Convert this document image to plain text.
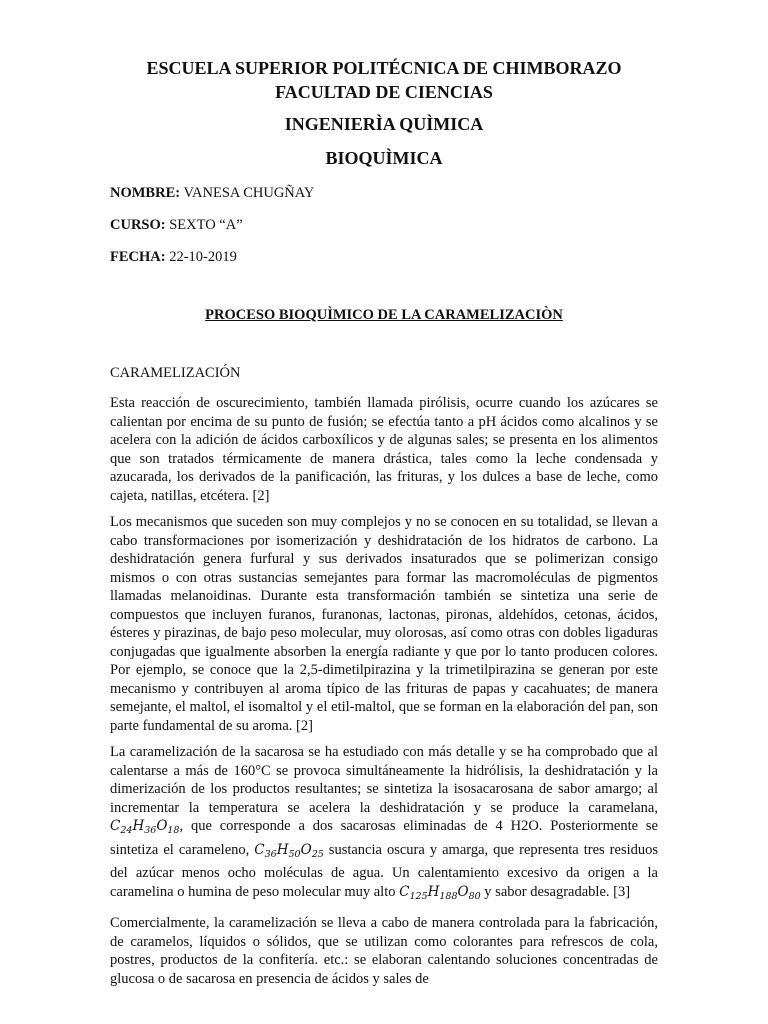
ESCUELA SUPERIOR POLITÉCNICA DE CHIMBORAZO
FACULTAD DE CIENCIAS
INGENIERÌA QUÌMICA
BIOQUÌMICA
NOMBRE: VANESA CHUGÑAY
CURSO: SEXTO “A”
FECHA: 22-10-2019
PROCESO BIOQUÌMICO DE LA CARAMELIZACIÒN
CARAMELIZACIÓN

Esta reacción de oscurecimiento, también llamada pirólisis, ocurre cuando los azúcares se calientan por encima de su punto de fusión; se efectúa tanto a pH ácidos como alcalinos y se acelera con la adición de ácidos carboxílicos y de algunas sales; se presenta en los alimentos que son tratados térmicamente de manera drástica, tales como la leche condensada y azucarada, los derivados de la panificación, las frituras, y los dulces a base de leche, como cajeta, natillas, etcétera. [2]

Los mecanismos que suceden son muy complejos y no se conocen en su totalidad, se llevan a cabo transformaciones por isomerización y deshidratación de los hidratos de carbono. La deshidratación genera furfural y sus derivados insaturados que se polimerizan consigo mismos o con otras sustancias semejantes para formar las macromoléculas de pigmentos llamadas melanoidinas. Durante esta transformación también se sintetiza una serie de compuestos que incluyen furanos, furanonas, lactonas, pironas, aldehídos, cetonas, ácidos, ésteres y pirazinas, de bajo peso molecular, muy olorosas, así como otras con dobles ligaduras conjugadas que igualmente absorben la energía radiante y que por lo tanto producen colores. Por ejemplo, se conoce que la 2,5-dimetilpirazina y la trimetilpirazina se generan por este mecanismo y contribuyen al aroma típico de las frituras de papas y cacahuates; de manera semejante, el maltol, el isomaltol y el etil-maltol, que se forman en la elaboración del pan, son parte fundamental de su aroma. [2]

La caramelización de la sacarosa se ha estudiado con más detalle y se ha comprobado que al calentarse a más de 160°C se provoca simultáneamente la hidrólisis, la deshidratación y la dimerización de los productos resultantes; se sintetiza la isosacarosana de sabor amargo; al incrementar la temperatura se acelera la deshidratación y se produce la caramelana, $C_{24}H_{36}O_{18}$, que corresponde a dos sacarosas eliminadas de 4 H2O. Posteriormente se sintetiza el carameleno, $C_{36}H_{50}O_{25}$ sustancia oscura y amarga, que representa tres residuos del azúcar menos ocho moléculas de agua. Un calentamiento excesivo da origen a la caramelina o humina de peso molecular muy alto $C_{125}H_{188}O_{80}$ y sabor desagradable. [3]

Comercialmente, la caramelización se lleva a cabo de manera controlada para la fabricación, de caramelos, líquidos o sólidos, que se utilizan como colorantes para refrescos de cola, postres, productos de la confitería. etc.: se elaboran calentando soluciones concentradas de glucosa o de sacarosa en presencia de ácidos y sales de
